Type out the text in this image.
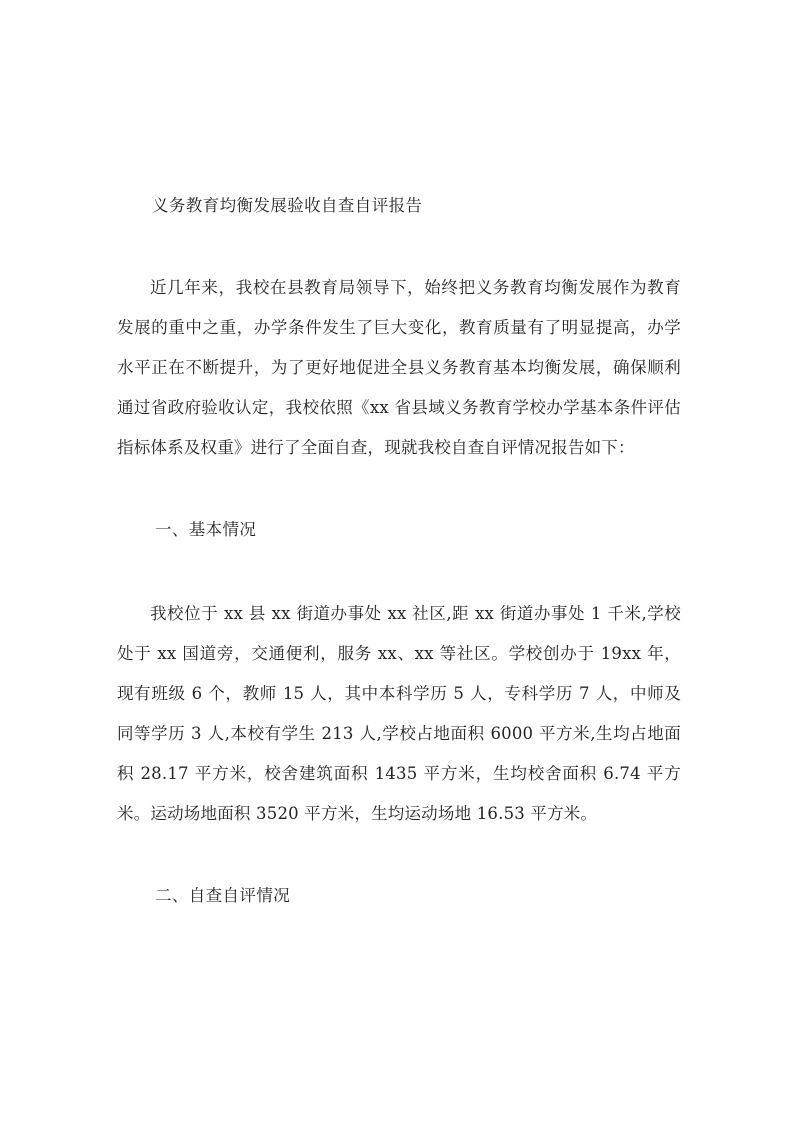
义务教育均衡发展验收自查自评报告

近几年来，我校在县教育局领导下，始终把义务教育均衡发展作为教育发展的重中之重，办学条件发生了巨大变化，教育质量有了明显提高，办学水平正在不断提升，为了更好地促进全县义务教育基本均衡发展，确保顺利通过省政府验收认定，我校依照《xx 省县域义务教育学校办学基本条件评估指标体系及权重》进行了全面自查，现就我校自查自评情况报告如下：

一、基本情况

我校位于 xx 县 xx 街道办事处 xx 社区,距 xx 街道办事处 1 千米,学校处于 xx 国道旁，交通便利，服务 xx、xx 等社区。学校创办于 19xx 年，现有班级 6 个，教师 15 人，其中本科学历 5 人，专科学历 7 人，中师及同等学历 3 人,本校有学生 213 人,学校占地面积 6000 平方米,生均占地面积 28.17 平方米，校舍建筑面积 1435 平方米，生均校舍面积 6.74 平方米。运动场地面积 3520 平方米，生均运动场地 16.53 平方米。

二、自查自评情况
